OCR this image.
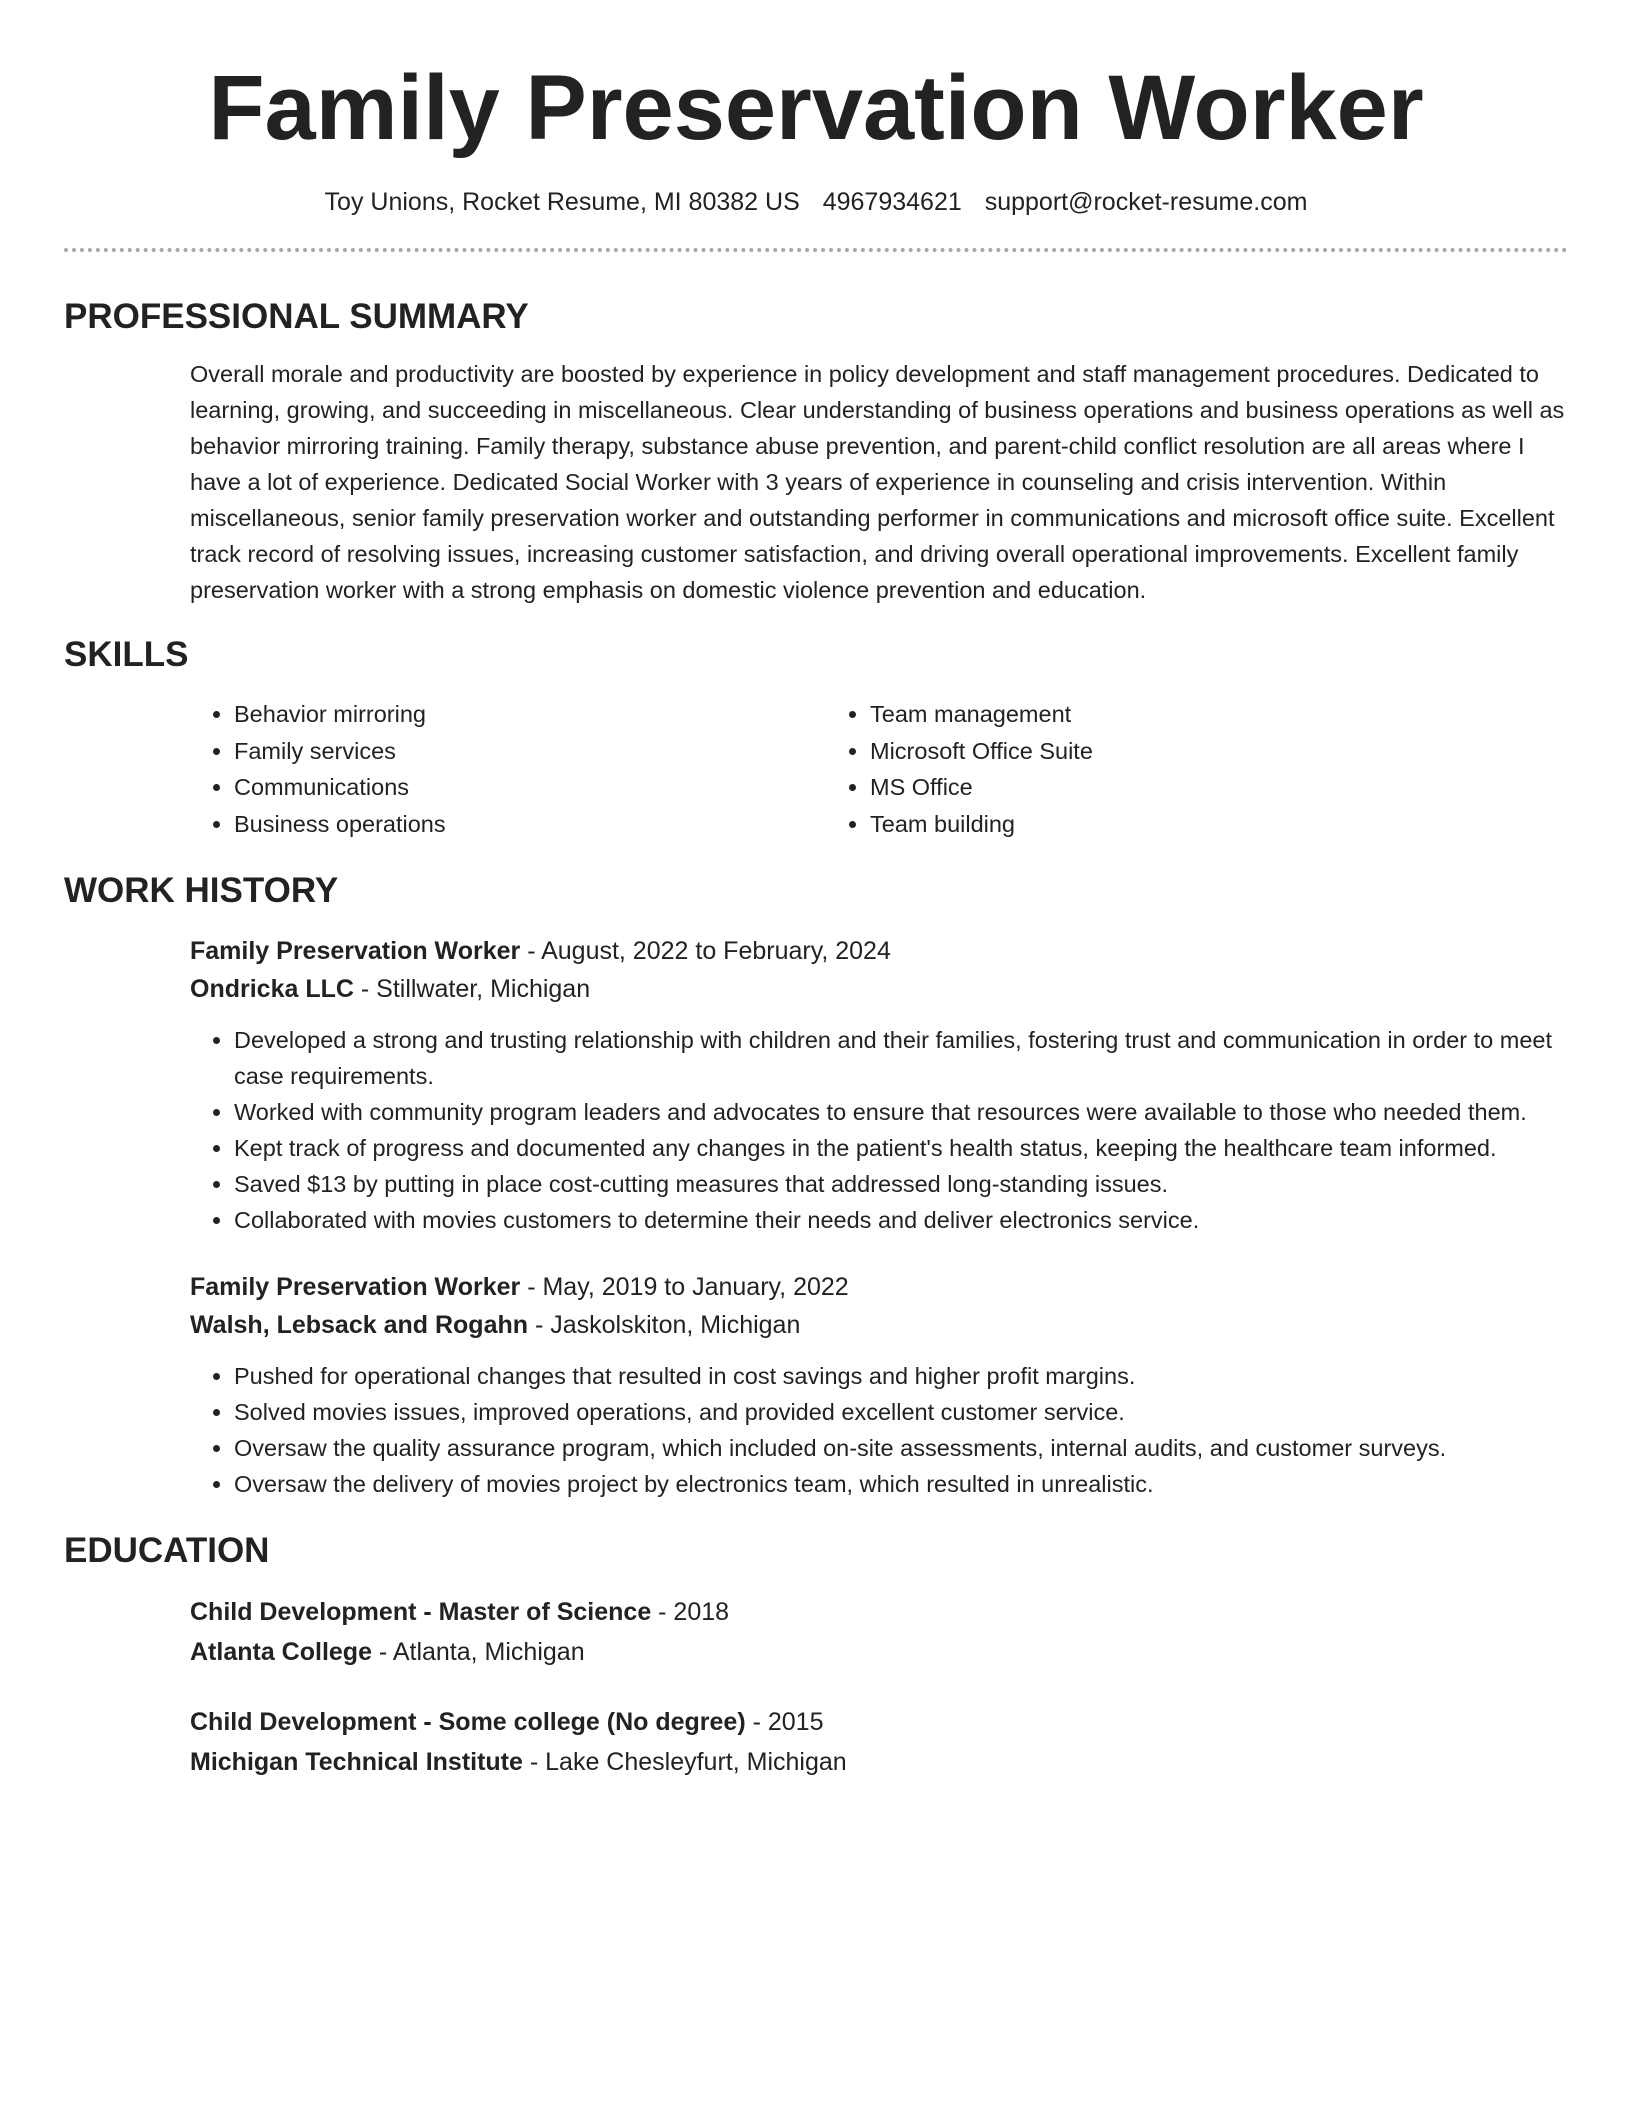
Family Preservation Worker
Toy Unions, Rocket Resume, MI 80382 US 4967934621 support@rocket-resume.com
PROFESSIONAL SUMMARY

Overall morale and productivity are boosted by experience in policy development and staff management procedures. Dedicated to learning, growing, and succeeding in miscellaneous. Clear understanding of business operations and business operations as well as behavior mirroring training. Family therapy, substance abuse prevention, and parent-child conflict resolution are all areas where I have a lot of experience. Dedicated Social Worker with 3 years of experience in counseling and crisis intervention. Within miscellaneous, senior family preservation worker and outstanding performer in communications and microsoft office suite. Excellent track record of resolving issues, increasing customer satisfaction, and driving overall operational improvements. Excellent family preservation worker with a strong emphasis on domestic violence prevention and education.

SKILLS
• Behavior mirroring
• Family services
• Communications
• Business operations
• Team management
• Microsoft Office Suite
• MS Office
• Team building
WORK HISTORY
Family Preservation Worker - August, 2022 to February, 2024
Ondricka LLC - Stillwater, Michigan
• Developed a strong and trusting relationship with children and their families, fostering trust and communication in order to meet case requirements.
• Worked with community program leaders and advocates to ensure that resources were available to those who needed them.
• Kept track of progress and documented any changes in the patient's health status, keeping the healthcare team informed.
• Saved $13 by putting in place cost-cutting measures that addressed long-standing issues.
• Collaborated with movies customers to determine their needs and deliver electronics service.
Family Preservation Worker - May, 2019 to January, 2022
Walsh, Lebsack and Rogahn - Jaskolskiton, Michigan
• Pushed for operational changes that resulted in cost savings and higher profit margins.
• Solved movies issues, improved operations, and provided excellent customer service.
• Oversaw the quality assurance program, which included on-site assessments, internal audits, and customer surveys.
• Oversaw the delivery of movies project by electronics team, which resulted in unrealistic.
EDUCATION
Child Development - Master of Science - 2018
Atlanta College - Atlanta, Michigan
Child Development - Some college (No degree) - 2015
Michigan Technical Institute - Lake Chesleyfurt, Michigan
